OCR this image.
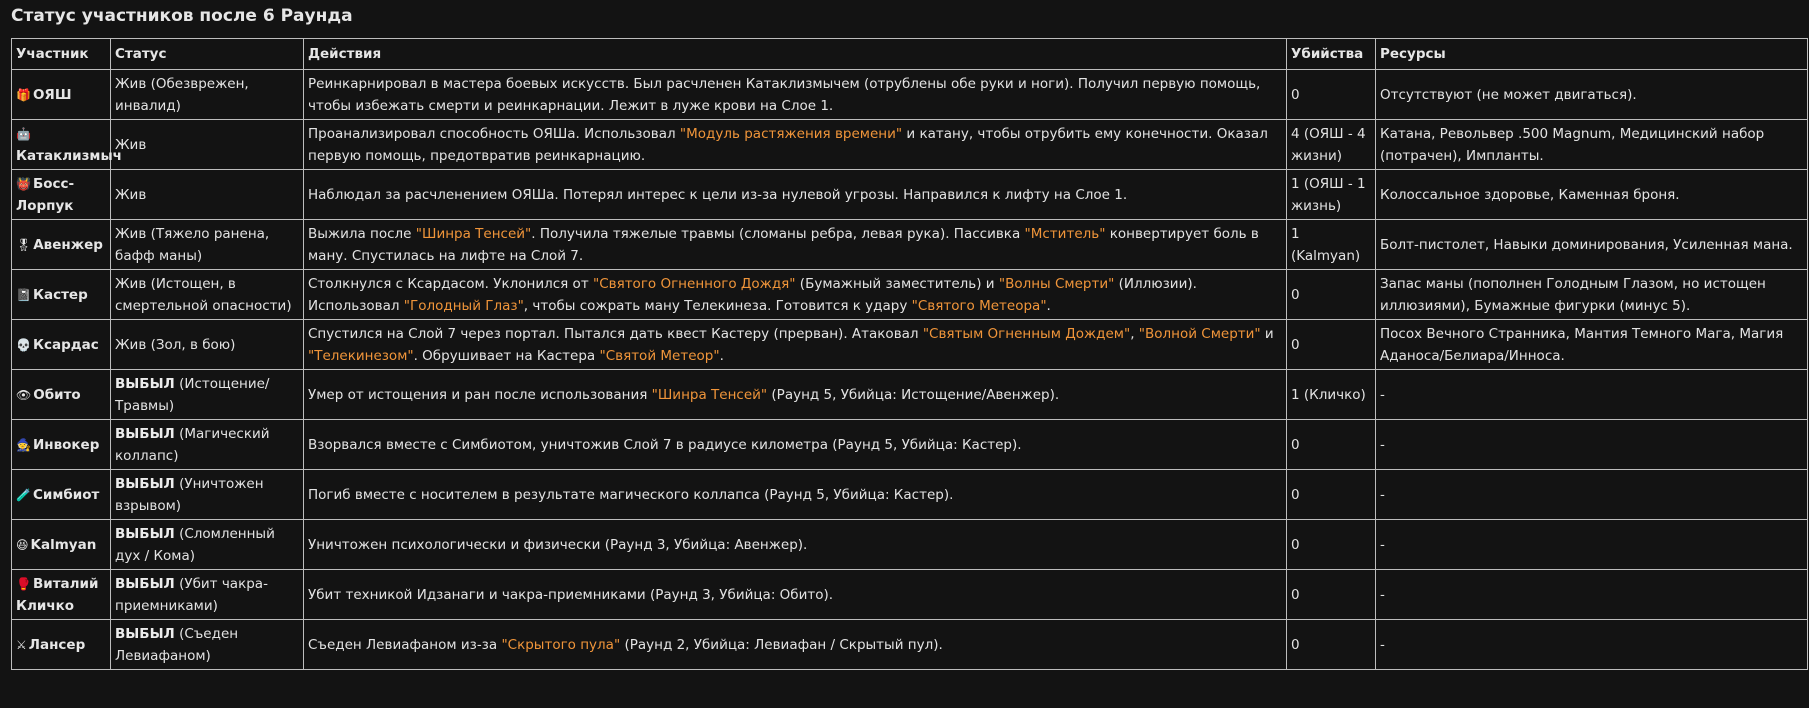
Статус участников после 6 Раунда
Участник	Статус	Действия	Убийства	Ресурсы
🎁 ОЯШ	Жив (Обезврежен, инвалид)	Реинкарнировал в мастера боевых искусств. Был расчленен Катаклизмычем (отрублены обе руки и ноги). Получил первую помощь, чтобы избежать смерти и реинкарнации. Лежит в луже крови на Слое 1.	0	Отсутствуют (не может двигаться).
🤖Катаклизмыч	Жив	Проанализировал способность ОЯШа. Использовал "Модуль растяжения времени" и катану, чтобы отрубить ему конечности. Оказал первую помощь, предотвратив реинкарнацию.	4 (ОЯШ - 4 жизни)	Катана, Револьвер .500 Magnum, Медицинский набор (потрачен), Импланты.
👹 Босс-Лорпук	Жив	Наблюдал за расчленением ОЯШа. Потерял интерес к цели из-за нулевой угрозы. Направился к лифту на Слое 1.	1 (ОЯШ - 1 жизнь)	Колоссальное здоровье, Каменная броня.
🎖 Авенжер	Жив (Тяжело ранена, бафф маны)	Выжила после "Шинра Тенсей". Получила тяжелые травмы (сломаны ребра, левая рука). Пассивка "Мститель" конвертирует боль в ману. Спустилась на лифте на Слой 7.	1 (Kalmyan)	Болт-пистолет, Навыки доминирования, Усиленная мана.
📓 Кастер	Жив (Истощен, в смертельной опасности)	Столкнулся с Ксардасом. Уклонился от "Святого Огненного Дождя" (Бумажный заместитель) и "Волны Смерти" (Иллюзии). Использовал "Голодный Глаз", чтобы сожрать ману Телекинеза. Готовится к удару "Святого Метеора".	0	Запас маны (пополнен Голодным Глазом, но истощен иллюзиями), Бумажные фигурки (минус 5).
💀 Ксардас	Жив (Зол, в бою)	Спустился на Слой 7 через портал. Пытался дать квест Кастеру (прерван). Атаковал "Святым Огненным Дождем", "Волной Смерти" и "Телекинезом". Обрушивает на Кастера "Святой Метеор".	0	Посох Вечного Странника, Мантия Темного Мага, Магия Аданоса/Белиара/Инноса.
👁 Обито	ВЫБЫЛ (Истощение/Травмы)	Умер от истощения и ран после использования "Шинра Тенсей" (Раунд 5, Убийца: Истощение/Авенжер).	1 (Кличко)	-
🧙 Инвокер	ВЫБЫЛ (Магический коллапс)	Взорвался вместе с Симбиотом, уничтожив Слой 7 в радиусе километра (Раунд 5, Убийца: Кастер).	0	-
🧪 Симбиот	ВЫБЫЛ (Уничтожен взрывом)	Погиб вместе с носителем в результате магического коллапса (Раунд 5, Убийца: Кастер).	0	-
😆 Kalmyan	ВЫБЫЛ (Сломленный дух / Кома)	Уничтожен психологически и физически (Раунд 3, Убийца: Авенжер).	0	-
🥊 Виталий Кличко	ВЫБЫЛ (Убит чакра-приемниками)	Убит техникой Идзанаги и чакра-приемниками (Раунд 3, Убийца: Обито).	0	-
⚔ Лансер	ВЫБЫЛ (Съеден Левиафаном)	Съеден Левиафаном из-за "Скрытого пула" (Раунд 2, Убийца: Левиафан / Скрытый пул).	0	-
